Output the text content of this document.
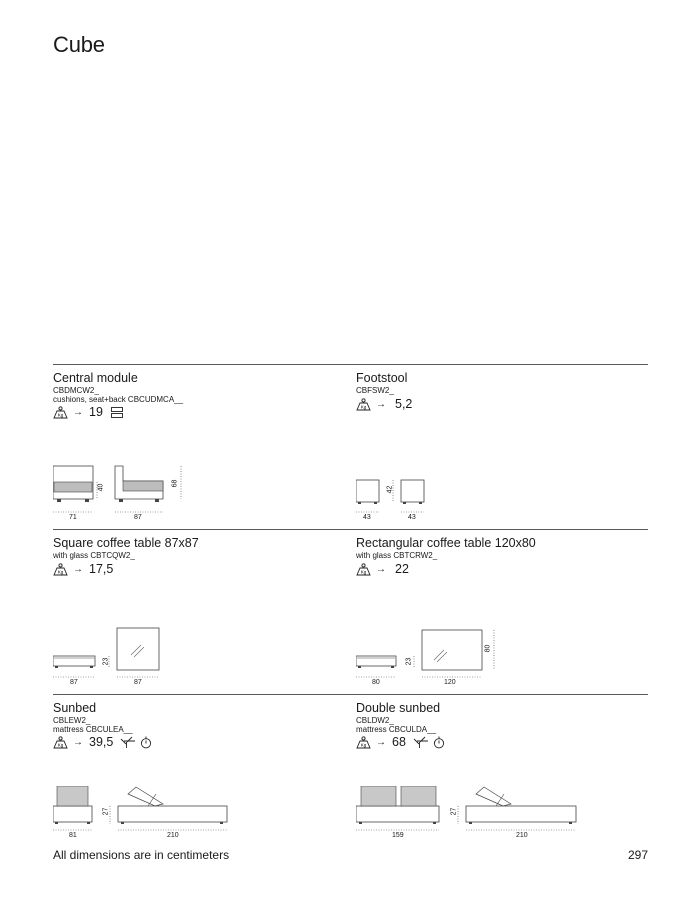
Cube
Central module
CBDMCW2_
cushions, seat+back CBCUDMCA__
Kg → 19
71	87
40
68
Footstool
CBFSW2_
Kg → 5,2
43	43
42
Square coffee table 87x87
with glass CBTCQW2_
Kg → 17,5
87	87
23
Rectangular coffee table 120x80
with glass CBTCRW2_
Kg → 22
80	120
23
80
Sunbed
CBLEW2_
mattress CBCULEA__
Kg → 39,5
81	210
27
Double sunbed
CBLDW2_
mattress CBCULDA__
Kg → 68
159	210
27
All dimensions are in centimeters	297
